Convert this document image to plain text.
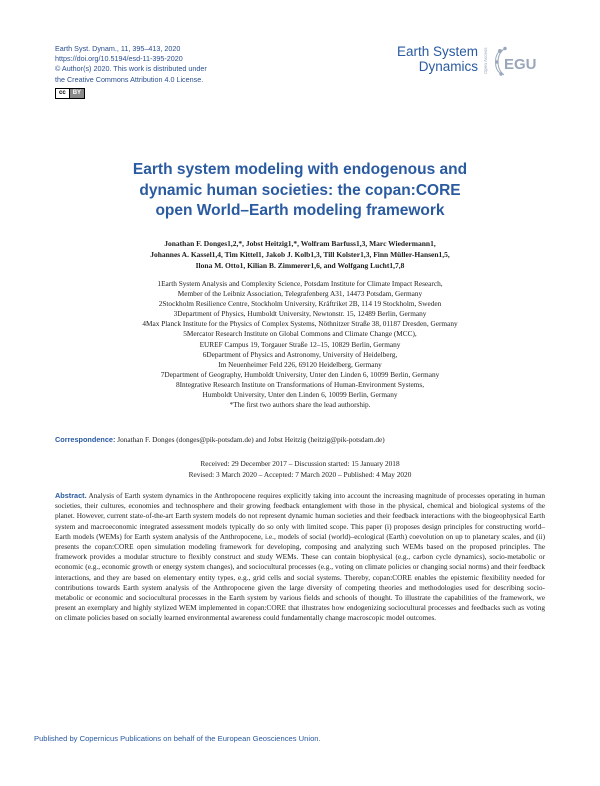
Earth Syst. Dynam., 11, 395–413, 2020
https://doi.org/10.5194/esd-11-395-2020
© Author(s) 2020. This work is distributed under
the Creative Commons Attribution 4.0 License.
cc	BY
Earth System
Dynamics Open Access EGU
Earth system modeling with endogenous and
dynamic human societies: the copan:CORE
open World–Earth modeling framework
Jonathan F. Donges1,2,*, Jobst Heitzig1,*, Wolfram Barfuss1,3, Marc Wiedermann1,
Johannes A. Kassel1,4, Tim Kittel1, Jakob J. Kolb1,3, Till Kolster1,3, Finn Müller-Hansen1,5,
Ilona M. Otto1, Kilian B. Zimmerer1,6, and Wolfgang Lucht1,7,8
1Earth System Analysis and Complexity Science, Potsdam Institute for Climate Impact Research,
Member of the Leibniz Association, Telegrafenberg A31, 14473 Potsdam, Germany
2Stockholm Resilience Centre, Stockholm University, Kräftriket 2B, 114 19 Stockholm, Sweden
3Department of Physics, Humboldt University, Newtonstr. 15, 12489 Berlin, Germany
4Max Planck Institute for the Physics of Complex Systems, Nöthnitzer Straße 38, 01187 Dresden, Germany
5Mercator Research Institute on Global Commons and Climate Change (MCC),
EUREF Campus 19, Torgauer Straße 12–15, 10829 Berlin, Germany
6Department of Physics and Astronomy, University of Heidelberg,
Im Neuenheimer Feld 226, 69120 Heidelberg, Germany
7Department of Geography, Humboldt University, Unter den Linden 6, 10099 Berlin, Germany
8Integrative Research Institute on Transformations of Human-Environment Systems,
Humboldt University, Unter den Linden 6, 10099 Berlin, Germany
*The first two authors share the lead authorship.
Correspondence: Jonathan F. Donges (donges@pik-potsdam.de) and Jobst Heitzig (heitzig@pik-potsdam.de)
Received: 29 December 2017 – Discussion started: 15 January 2018
Revised: 3 March 2020 – Accepted: 7 March 2020 – Published: 4 May 2020
Abstract. Analysis of Earth system dynamics in the Anthropocene requires explicitly taking into account the increasing magnitude of processes operating in human societies, their cultures, economies and technosphere and their growing feedback entanglement with those in the physical, chemical and biological systems of the planet. However, current state-of-the-art Earth system models do not represent dynamic human societies and their feedback interactions with the biogeophysical Earth system and macroeconomic integrated assessment models typically do so only with limited scope. This paper (i) proposes design principles for constructing world–Earth models (WEMs) for Earth system analysis of the Anthropocene, i.e., models of social (world)–ecological (Earth) coevolution on up to planetary scales, and (ii) presents the copan:CORE open simulation modeling framework for developing, composing and analyzing such WEMs based on the proposed principles. The framework provides a modular structure to flexibly construct and study WEMs. These can contain biophysical (e.g., carbon cycle dynamics), socio-metabolic or economic (e.g., economic growth or energy system changes), and sociocultural processes (e.g., voting on climate policies or changing social norms) and their feedback interactions, and they are based on elementary entity types, e.g., grid cells and social systems. Thereby, copan:CORE enables the epistemic flexibility needed for contributions towards Earth system analysis of the Anthropocene given the large diversity of competing theories and methodologies used for describing socio-metabolic or economic and sociocultural processes in the Earth system by various fields and schools of thought. To illustrate the capabilities of the framework, we present an exemplary and highly stylized WEM implemented in copan:CORE that illustrates how endogenizing sociocultural processes and feedbacks such as voting on climate policies based on socially learned environmental awareness could fundamentally change macroscopic model outcomes.
Published by Copernicus Publications on behalf of the European Geosciences Union.
